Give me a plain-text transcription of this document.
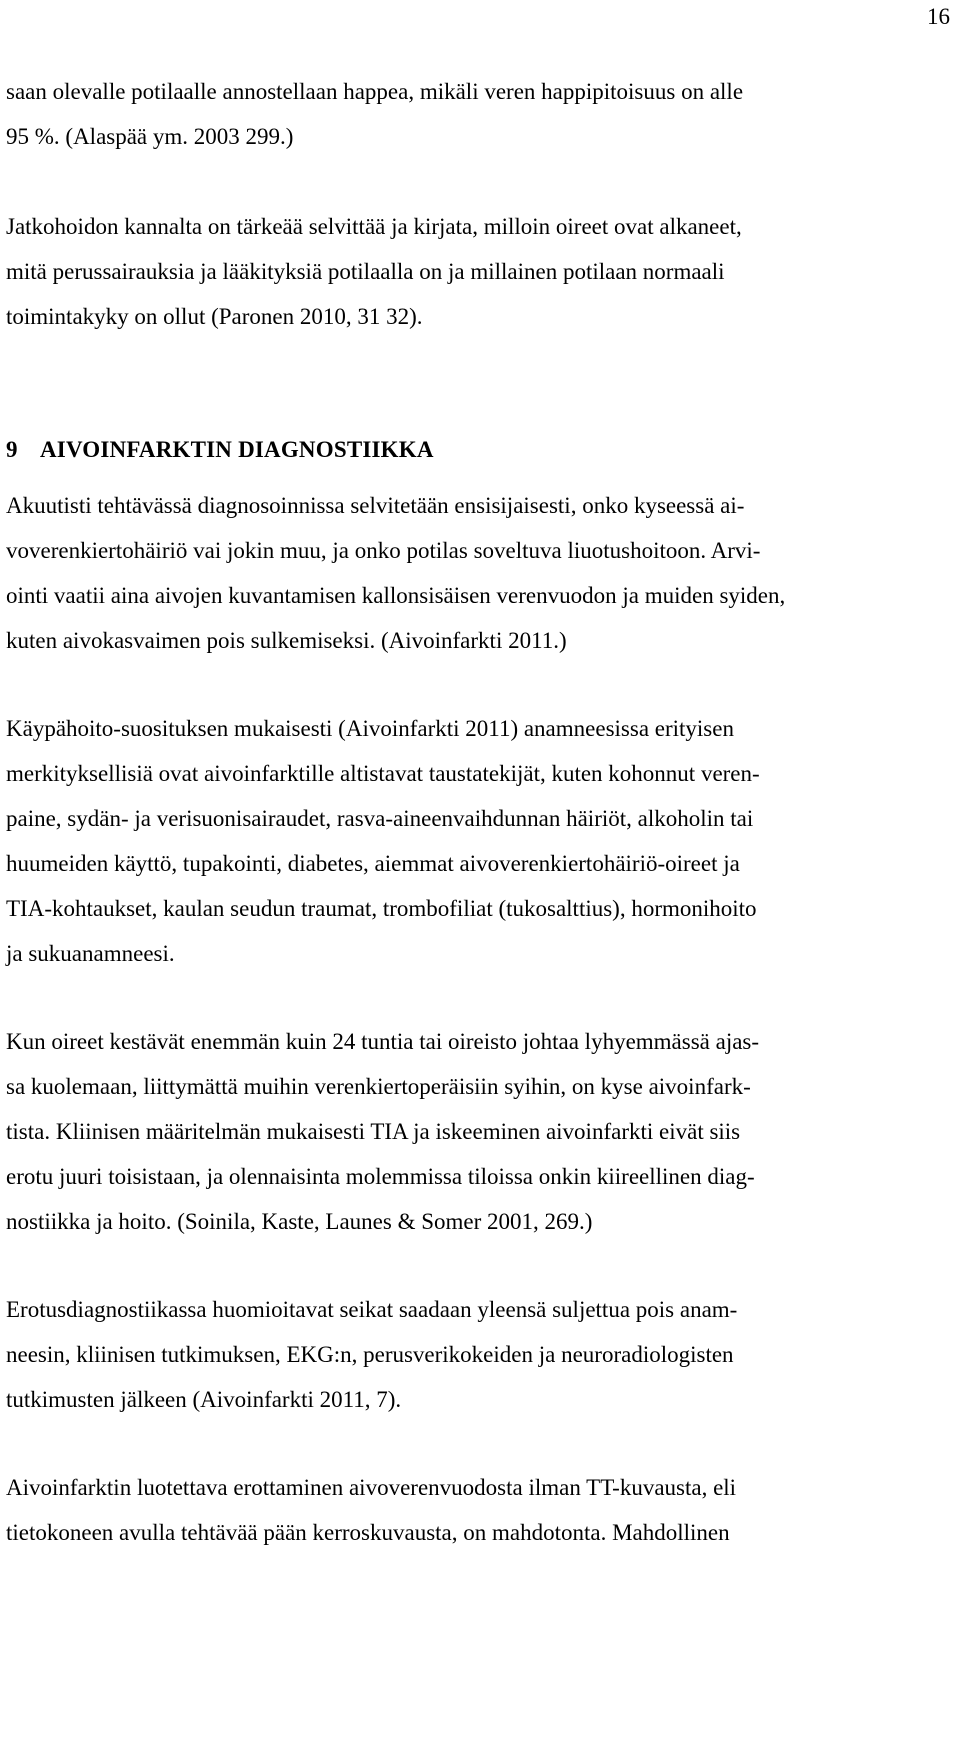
16

saan olevalle potilaalle annostellaan happea, mikäli veren happipitoisuus on alle
95 %. (Alaspää ym. 2003 299.)

Jatkohoidon kannalta on tärkeää selvittää ja kirjata, milloin oireet ovat alkaneet,
mitä perussairauksia ja lääkityksiä potilaalla on ja millainen potilaan normaali
toimintakyky on ollut (Paronen 2010, 31 32).

9 AIVOINFARKTIN DIAGNOSTIIKKA

Akuutisti tehtävässä diagnosoinnissa selvitetään ensisijaisesti, onko kyseessä ai-
voverenkiertohäiriö vai jokin muu, ja onko potilas soveltuva liuotushoitoon. Arvi-
ointi vaatii aina aivojen kuvantamisen kallonsisäisen verenvuodon ja muiden syiden,
kuten aivokasvaimen pois sulkemiseksi. (Aivoinfarkti 2011.)

Käypähoito-suosituksen mukaisesti (Aivoinfarkti 2011) anamneesissa erityisen
merkityksellisiä ovat aivoinfarktille altistavat taustatekijät, kuten kohonnut veren-
paine, sydän- ja verisuonisairaudet, rasva-aineenvaihdunnan häiriöt, alkoholin tai
huumeiden käyttö, tupakointi, diabetes, aiemmat aivoverenkiertohäiriö-oireet ja
TIA-kohtaukset, kaulan seudun traumat, trombofiliat (tukosalttius), hormonihoito
ja sukuanamneesi.

Kun oireet kestävät enemmän kuin 24 tuntia tai oireisto johtaa lyhyemmässä ajas-
sa kuolemaan, liittymättä muihin verenkiertoperäisiin syihin, on kyse aivoinfark-
tista. Kliinisen määritelmän mukaisesti TIA ja iskeeminen aivoinfarkti eivät siis
erotu juuri toisistaan, ja olennaisinta molemmissa tiloissa onkin kiireellinen diag-
nostiikka ja hoito. (Soinila, Kaste, Launes & Somer 2001, 269.)

Erotusdiagnostiikassa huomioitavat seikat saadaan yleensä suljettua pois anam-
neesin, kliinisen tutkimuksen, EKG:n, perusverikokeiden ja neuroradiologisten
tutkimusten jälkeen (Aivoinfarkti 2011, 7).

Aivoinfarktin luotettava erottaminen aivoverenvuodosta ilman TT-kuvausta, eli
tietokoneen avulla tehtävää pään kerroskuvausta, on mahdotonta. Mahdollinen
